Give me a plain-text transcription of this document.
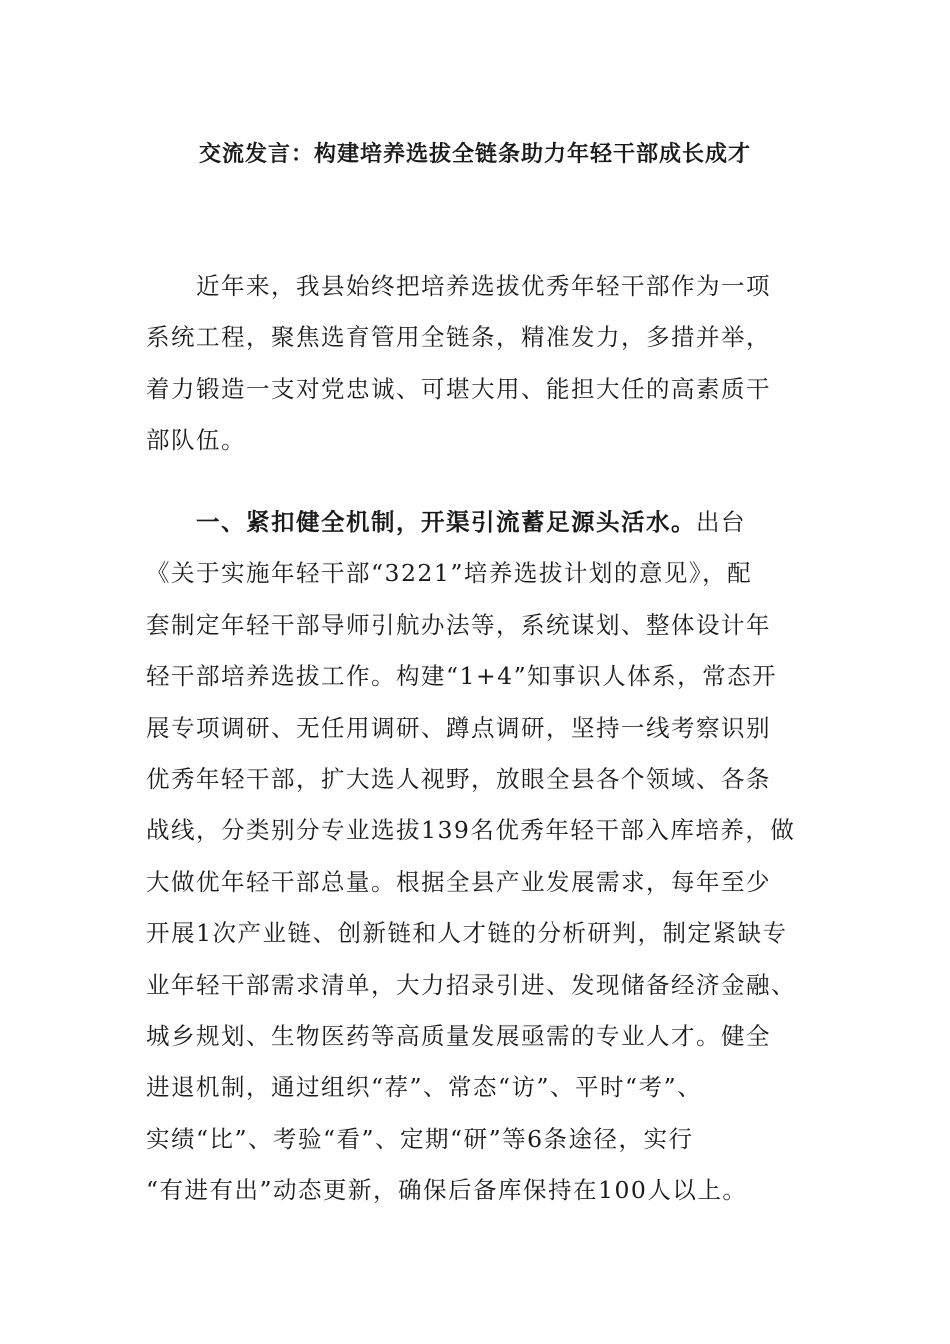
交流发言：构建培养选拔全链条助力年轻干部成长成才
近年来，我县始终把培养选拔优秀年轻干部作为一项
系统工程，聚焦选育管用全链条，精准发力，多措并举，
着力锻造一支对党忠诚、可堪大用、能担大任的高素质干
部队伍。
一、紧扣健全机制，开渠引流蓄足源头活水。出台
《关于实施年轻干部“3221”培养选拔计划的意见》，配
套制定年轻干部导师引航办法等，系统谋划、整体设计年
轻干部培养选拔工作。构建“1+4”知事识人体系，常态开
展专项调研、无任用调研、蹲点调研，坚持一线考察识别
优秀年轻干部，扩大选人视野，放眼全县各个领域、各条
战线，分类别分专业选拔139名优秀年轻干部入库培养，做
大做优年轻干部总量。根据全县产业发展需求，每年至少
开展1次产业链、创新链和人才链的分析研判，制定紧缺专
业年轻干部需求清单，大力招录引进、发现储备经济金融、
城乡规划、生物医药等高质量发展亟需的专业人才。健全
进退机制，通过组织“荐”、常态“访”、平时“考”、
实绩“比”、考验“看”、定期“研”等6条途径，实行
“有进有出”动态更新，确保后备库保持在100人以上。
